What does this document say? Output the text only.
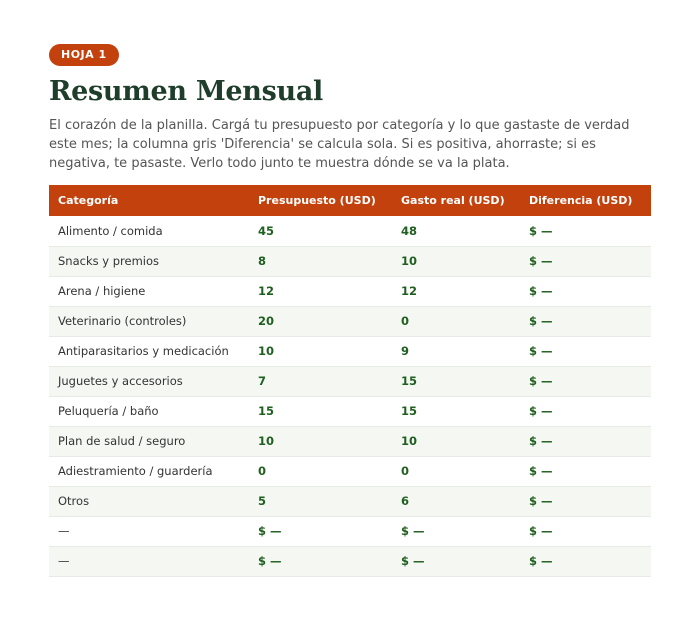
HOJA 1
Resumen Mensual

El corazón de la planilla. Cargá tu presupuesto por categoría y lo que gastaste de verdad este mes; la columna gris 'Diferencia' se calcula sola. Si es positiva, ahorraste; si es negativa, te pasaste. Verlo todo junto te muestra dónde se va la plata.

Categoría	Presupuesto (USD)	Gasto real (USD)	Diferencia (USD)
Alimento / comida	45	48	$ —
Snacks y premios	8	10	$ —
Arena / higiene	12	12	$ —
Veterinario (controles)	20	0	$ —
Antiparasitarios y medicación	10	9	$ —
Juguetes y accesorios	7	15	$ —
Peluquería / baño	15	15	$ —
Plan de salud / seguro	10	10	$ —
Adiestramiento / guardería	0	0	$ —
Otros	5	6	$ —
—	$ —	$ —	$ —
—	$ —	$ —	$ —
